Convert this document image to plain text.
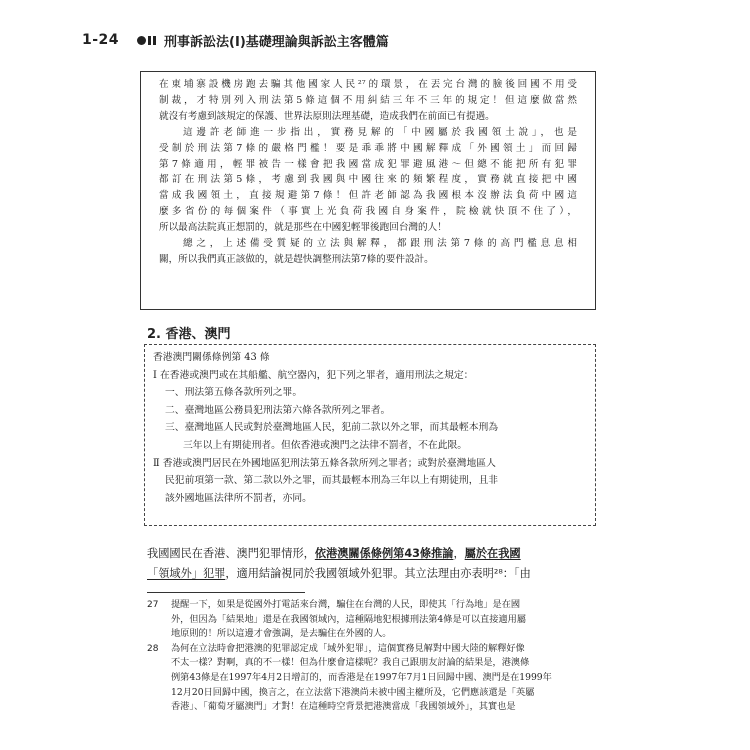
1-24	刑事訴訟法(Ⅰ)基礎理論與訴訟主客體篇

在東埔寨設機房跑去騙其他國家人民²⁷的環景，在丟完台灣的臉後回國不用受

制裁，才特別列入刑法第5條這個不用糾結三年不三年的規定！但這麼做當然

就沒有考慮到該規定的保護、世界法原則法理基礎，造成我們在前面已有提過。

這邊許老師進一步指出，實務見解的「中國屬於我國領土說」，也是

受制於刑法第7條的嚴格門檻！要是乖乖將中國解釋成「外國領土」而回歸

第7條適用，輕罪被告一樣會把我國當成犯罪避風港～但總不能把所有犯罪

都訂在刑法第5條，考慮到我國與中國往來的頻繁程度，實務就直接把中國

當成我國領土，直接規避第7條！但許老師認為我國根本沒辦法負荷中國這

麼多省份的每個案件（事實上光負荷我國自身案件，院檢就快頂不住了），

所以最高法院真正想罰的，就是那些在中國犯輕罪後跑回台灣的人！

總之，上述備受質疑的立法與解釋，都跟刑法第7條的高門檻息息相

關，所以我們真正該做的，就是趕快調整刑法第7條的要件設計。

2. 香港、澳門
香港澳門關係條例第 43 條
Ⅰ 在香港或澳門或在其船艦、航空器內，犯下列之罪者，適用刑法之規定：
一、刑法第五條各款所列之罪。
二、臺灣地區公務員犯刑法第六條各款所列之罪者。
三、臺灣地區人民或對於臺灣地區人民，犯前二款以外之罪，而其最輕本刑為
三年以上有期徒刑者。但依香港或澳門之法律不罰者，不在此限。
Ⅱ 香港或澳門居民在外國地區犯刑法第五條各款所列之罪者；或對於臺灣地區人
民犯前項第一款、第二款以外之罪，而其最輕本刑為三年以上有期徒刑，且非
該外國地區法律所不罰者，亦同。
我國國民在香港、澳門犯罪情形，依港澳關係條例第43條推論，屬於在我國
「領域外」犯罪，適用結論視同於我國領域外犯罪。其立法理由亦表明²⁸：「由
27	提醒一下，如果是從國外打電話來台灣，騙住在台灣的人民，即使其「行為地」是在國
外，但因為「結果地」還是在我國領域內，這種隔地犯根據刑法第4條是可以直接適用屬
地原則的！所以這邊才會強調，是去騙住在外國的人。
28	為何在立法時會把港澳的犯罪認定成「域外犯罪」，這個實務見解對中國大陸的解釋好像
不太一樣？對啊，真的不一樣！但為什麼會這樣呢？我自己跟朋友討論的結果是，港澳條
例第43條是在1997年4月2日增訂的，而香港是在1997年7月1日回歸中國、澳門是在1999年
12月20日回歸中國，換言之，在立法當下港澳尚未被中國主權所及，它們應該還是「英屬
香港」、「葡萄牙屬澳門」才對！在這種時空背景把港澳當成「我國領域外」，其實也是
